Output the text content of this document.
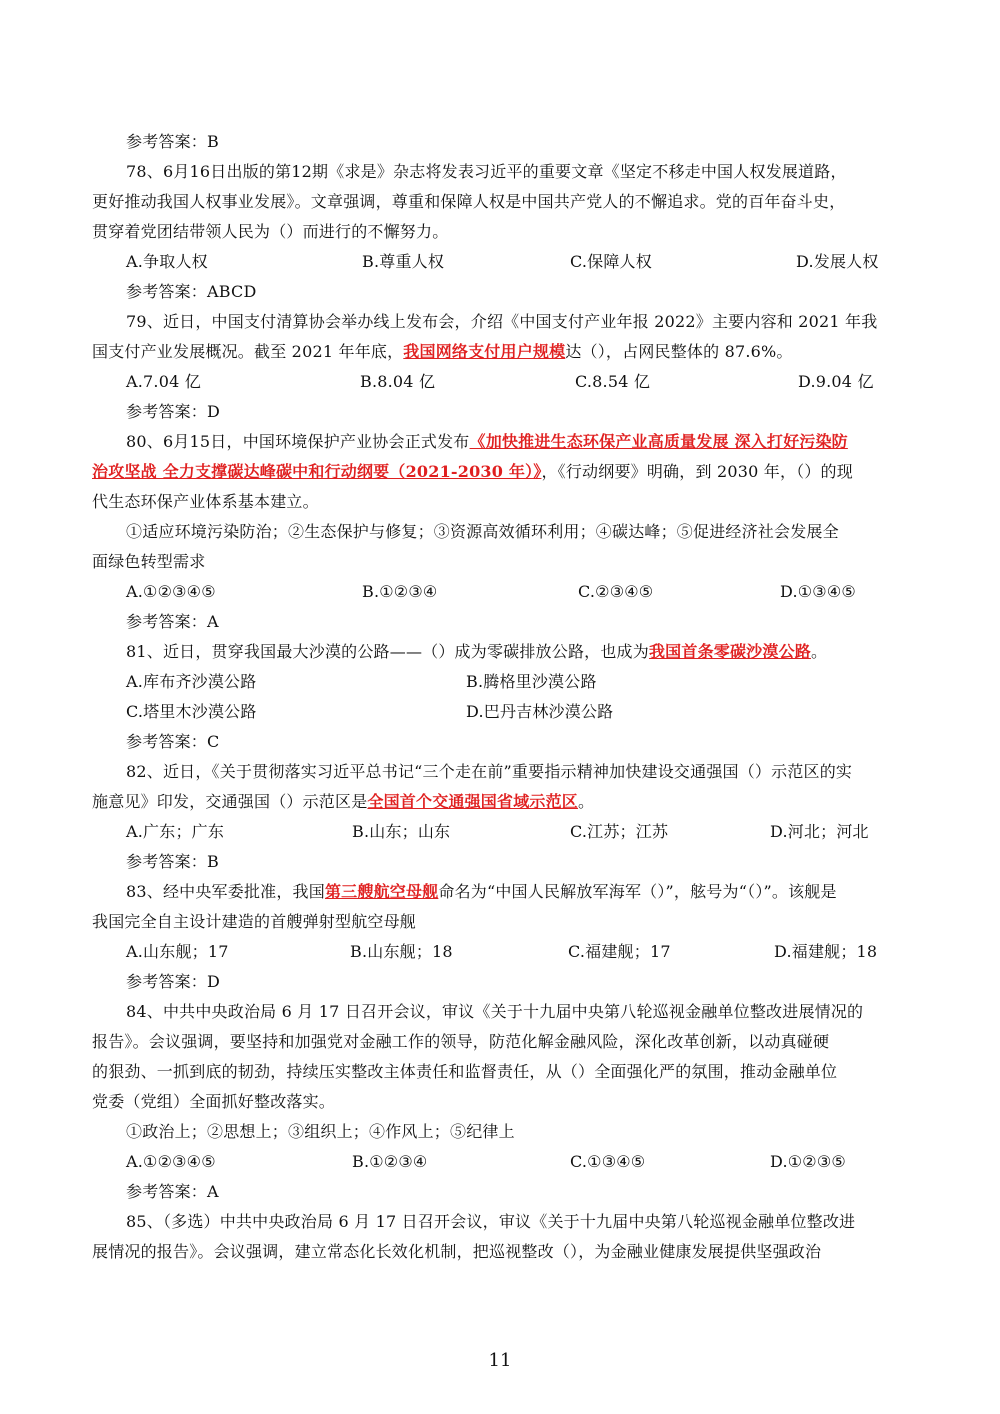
参考答案：B
78、6月16日出版的第12期《求是》杂志将发表习近平的重要文章《坚定不移走中国人权发展道路，
更好推动我国人权事业发展》。文章强调，尊重和保障人权是中国共产党人的不懈追求。党的百年奋斗史，
贯穿着党团结带领人民为（）而进行的不懈努力。
A.争取人权	B.尊重人权	C.保障人权	D.发展人权
参考答案：ABCD
79、近日，中国支付清算协会举办线上发布会，介绍《中国支付产业年报 2022》主要内容和 2021 年我
国支付产业发展概况。截至 2021 年年底，我国网络支付用户规模达（），占网民整体的 87.6%。
A.7.04 亿	B.8.04 亿	C.8.54 亿	D.9.04 亿
参考答案：D
80、6月15日，中国环境保护产业协会正式发布《加快推进生态环保产业高质量发展 深入打好污染防
治攻坚战 全力支撑碳达峰碳中和行动纲要（2021-2030 年）》，《行动纲要》明确，到 2030 年，（）的现
代生态环保产业体系基本建立。
①适应环境污染防治；②生态保护与修复；③资源高效循环利用；④碳达峰；⑤促进经济社会发展全
面绿色转型需求
A.①②③④⑤	B.①②③④	C.②③④⑤	D.①③④⑤
参考答案：A
81、近日，贯穿我国最大沙漠的公路——（）成为零碳排放公路，也成为我国首条零碳沙漠公路。
A.库布齐沙漠公路	B.腾格里沙漠公路
C.塔里木沙漠公路	D.巴丹吉林沙漠公路
参考答案：C
82、近日，《关于贯彻落实习近平总书记“三个走在前”重要指示精神加快建设交通强国（）示范区的实
施意见》印发，交通强国（）示范区是全国首个交通强国省域示范区。
A.广东；广东	B.山东；山东	C.江苏；江苏	D.河北；河北
参考答案：B
83、经中央军委批准，我国第三艘航空母舰命名为“中国人民解放军海军（）”，舷号为“（）”。该舰是
我国完全自主设计建造的首艘弹射型航空母舰
A.山东舰；17	B.山东舰；18	C.福建舰；17	D.福建舰；18
参考答案：D
84、中共中央政治局 6 月 17 日召开会议，审议《关于十九届中央第八轮巡视金融单位整改进展情况的
报告》。会议强调，要坚持和加强党对金融工作的领导，防范化解金融风险，深化改革创新，以动真碰硬
的狠劲、一抓到底的韧劲，持续压实整改主体责任和监督责任，从（）全面强化严的氛围，推动金融单位
党委（党组）全面抓好整改落实。
①政治上；②思想上；③组织上；④作风上；⑤纪律上
A.①②③④⑤	B.①②③④	C.①③④⑤	D.①②③⑤
参考答案：A
85、（多选）中共中央政治局 6 月 17 日召开会议，审议《关于十九届中央第八轮巡视金融单位整改进
展情况的报告》。会议强调，建立常态化长效化机制，把巡视整改（），为金融业健康发展提供坚强政治
11
